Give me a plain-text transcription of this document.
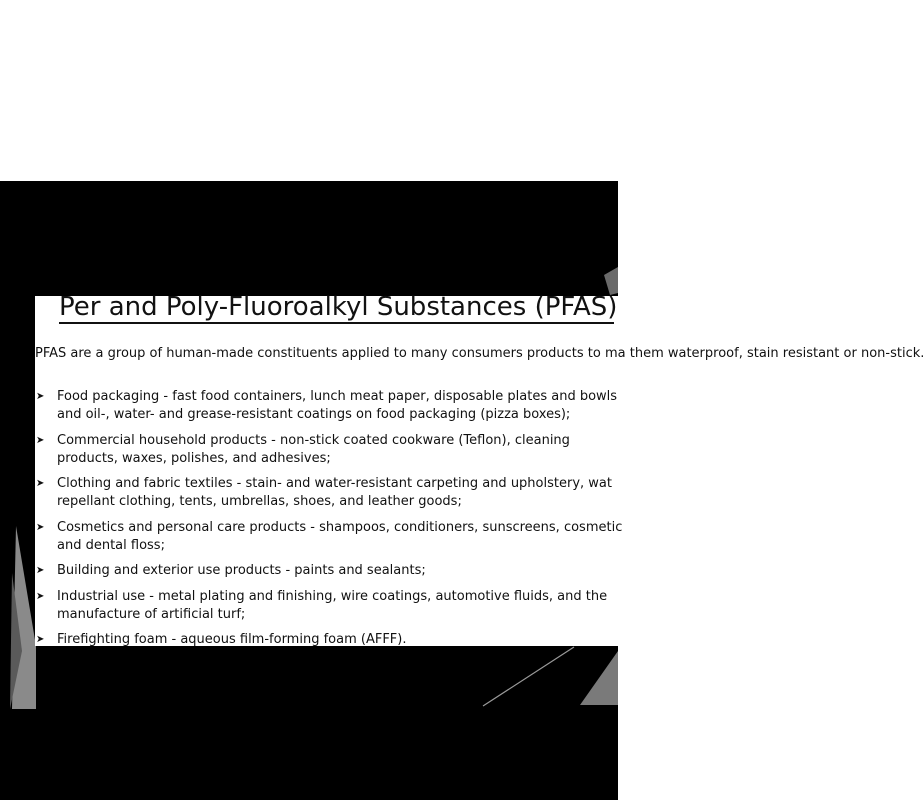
Per and Poly-Fluoroalkyl Substances (PFAS)

PFAS are a group of human-made constituents applied to many consumers products to ma them waterproof, stain resistant or non-stick.

➤ Food packaging - fast food containers, lunch meat paper, disposable plates and bowls
and oil-, water- and grease-resistant coatings on food packaging (pizza boxes);
➤ Commercial household products - non-stick coated cookware (Teflon), cleaning
products, waxes, polishes, and adhesives;
➤ Clothing and fabric textiles - stain- and water-resistant carpeting and upholstery, wat
repellant clothing, tents, umbrellas, shoes, and leather goods;
➤ Cosmetics and personal care products - shampoos, conditioners, sunscreens, cosmetic
and dental floss;
➤ Building and exterior use products - paints and sealants;
➤ Industrial use - metal plating and finishing, wire coatings, automotive fluids, and the
manufacture of artificial turf;
➤ Firefighting foam - aqueous film-forming foam (AFFF).
